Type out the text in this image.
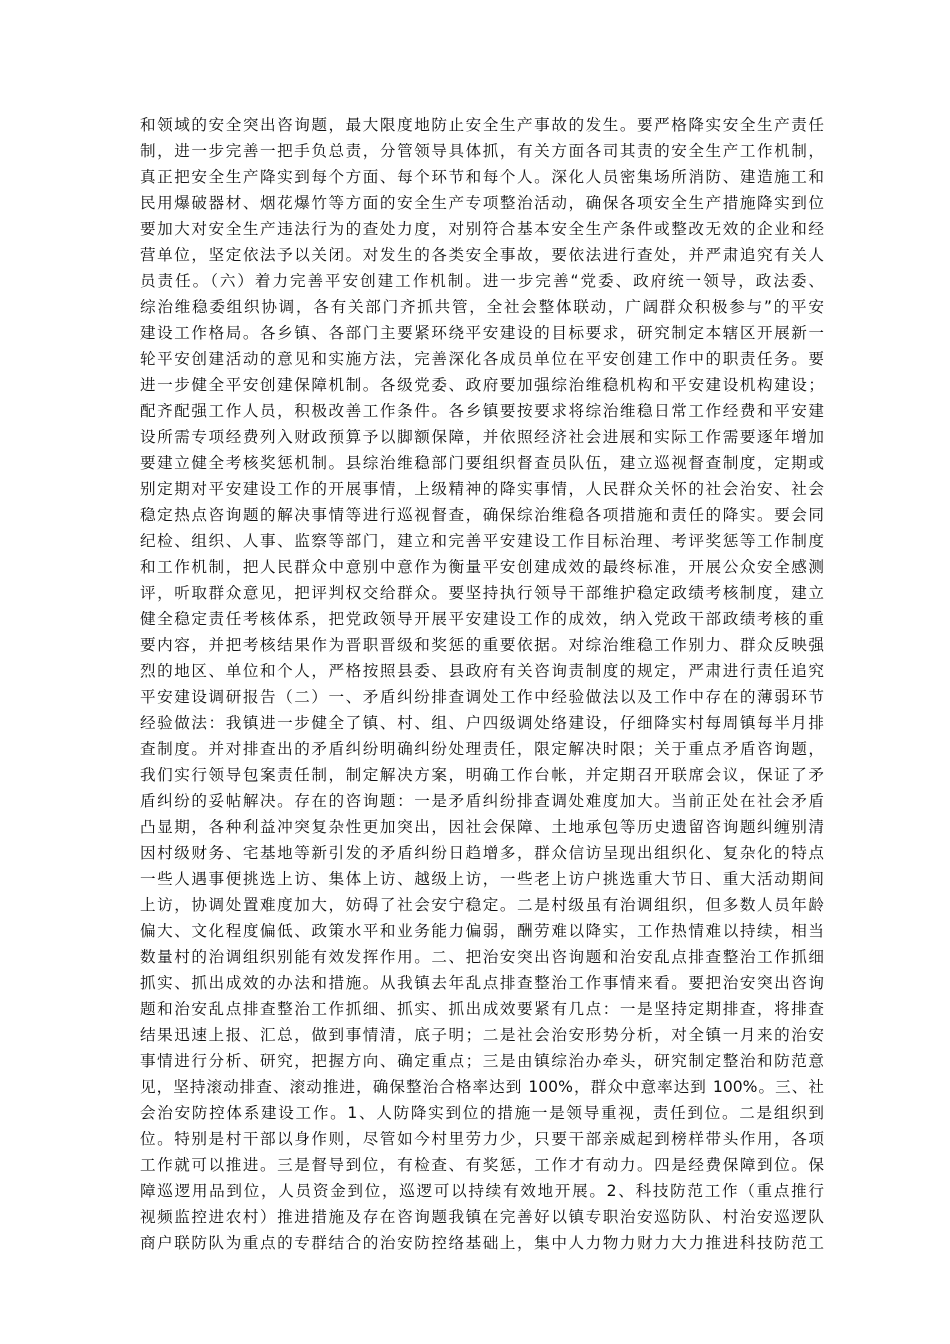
和领域的安全突出咨询题，最大限度地防止安全生产事故的发生。要严格降实安全生产责任
制，进一步完善一把手负总责，分管领导具体抓，有关方面各司其责的安全生产工作机制，
真正把安全生产降实到每个方面、每个环节和每个人。深化人员密集场所消防、建造施工和
民用爆破器材、烟花爆竹等方面的安全生产专项整治活动，确保各项安全生产措施降实到位
要加大对安全生产违法行为的查处力度，对别符合基本安全生产条件或整改无效的企业和经
营单位，坚定依法予以关闭。对发生的各类安全事故，要依法进行查处，并严肃追究有关人
员责任。（六）着力完善平安创建工作机制。进一步完善“党委、政府统一领导，政法委、
综治维稳委组织协调，各有关部门齐抓共管，全社会整体联动，广阔群众积极参与”的平安
建设工作格局。各乡镇、各部门主要紧环绕平安建设的目标要求，研究制定本辖区开展新一
轮平安创建活动的意见和实施方法，完善深化各成员单位在平安创建工作中的职责任务。要
进一步健全平安创建保障机制。各级党委、政府要加强综治维稳机构和平安建设机构建设；
配齐配强工作人员，积极改善工作条件。各乡镇要按要求将综治维稳日常工作经费和平安建
设所需专项经费列入财政预算予以脚额保障，并依照经济社会进展和实际工作需要逐年增加
要建立健全考核奖惩机制。县综治维稳部门要组织督查员队伍，建立巡视督查制度，定期或
别定期对平安建设工作的开展事情，上级精神的降实事情，人民群众关怀的社会治安、社会
稳定热点咨询题的解决事情等进行巡视督查，确保综治维稳各项措施和责任的降实。要会同
纪检、组织、人事、监察等部门，建立和完善平安建设工作目标治理、考评奖惩等工作制度
和工作机制，把人民群众中意别中意作为衡量平安创建成效的最终标准，开展公众安全感测
评，听取群众意见，把评判权交给群众。要坚持执行领导干部维护稳定政绩考核制度，建立
健全稳定责任考核体系，把党政领导开展平安建设工作的成效，纳入党政干部政绩考核的重
要内容，并把考核结果作为晋职晋级和奖惩的重要依据。对综治维稳工作别力、群众反映强
烈的地区、单位和个人，严格按照县委、县政府有关咨询责制度的规定，严肃进行责任追究
平安建设调研报告（二）一、矛盾纠纷排查调处工作中经验做法以及工作中存在的薄弱环节
经验做法：我镇进一步健全了镇、村、组、户四级调处络建设，仔细降实村每周镇每半月排
查制度。并对排查出的矛盾纠纷明确纠纷处理责任，限定解决时限；关于重点矛盾咨询题，
我们实行领导包案责任制，制定解决方案，明确工作台帐，并定期召开联席会议，保证了矛
盾纠纷的妥帖解决。存在的咨询题：一是矛盾纠纷排查调处难度加大。当前正处在社会矛盾
凸显期，各种利益冲突复杂性更加突出，因社会保障、土地承包等历史遗留咨询题纠缠别清
因村级财务、宅基地等新引发的矛盾纠纷日趋增多，群众信访呈现出组织化、复杂化的特点
一些人遇事便挑选上访、集体上访、越级上访，一些老上访户挑选重大节日、重大活动期间
上访，协调处置难度加大，妨碍了社会安宁稳定。二是村级虽有治调组织，但多数人员年龄
偏大、文化程度偏低、政策水平和业务能力偏弱，酬劳难以降实，工作热情难以持续，相当
数量村的治调组织别能有效发挥作用。二、把治安突出咨询题和治安乱点排查整治工作抓细
抓实、抓出成效的办法和措施。从我镇去年乱点排查整治工作事情来看。要把治安突出咨询
题和治安乱点排查整治工作抓细、抓实、抓出成效要紧有几点：一是坚持定期排查，将排查
结果迅速上报、汇总，做到事情清，底子明；二是社会治安形势分析，对全镇一月来的治安
事情进行分析、研究，把握方向、确定重点；三是由镇综治办牵头，研究制定整治和防范意
见，坚持滚动排查、滚动推进，确保整治合格率达到 100%，群众中意率达到 100%。三、社
会治安防控体系建设工作。1、人防降实到位的措施一是领导重视，责任到位。二是组织到
位。特别是村干部以身作则，尽管如今村里劳力少，只要干部亲威起到榜样带头作用，各项
工作就可以推进。三是督导到位，有检查、有奖惩，工作才有动力。四是经费保障到位。保
障巡逻用品到位，人员资金到位，巡逻可以持续有效地开展。2、科技防范工作（重点推行
视频监控进农村）推进措施及存在咨询题我镇在完善好以镇专职治安巡防队、村治安巡逻队
商户联防队为重点的专群结合的治安防控络基础上，集中人力物力财力大力推进科技防范工
